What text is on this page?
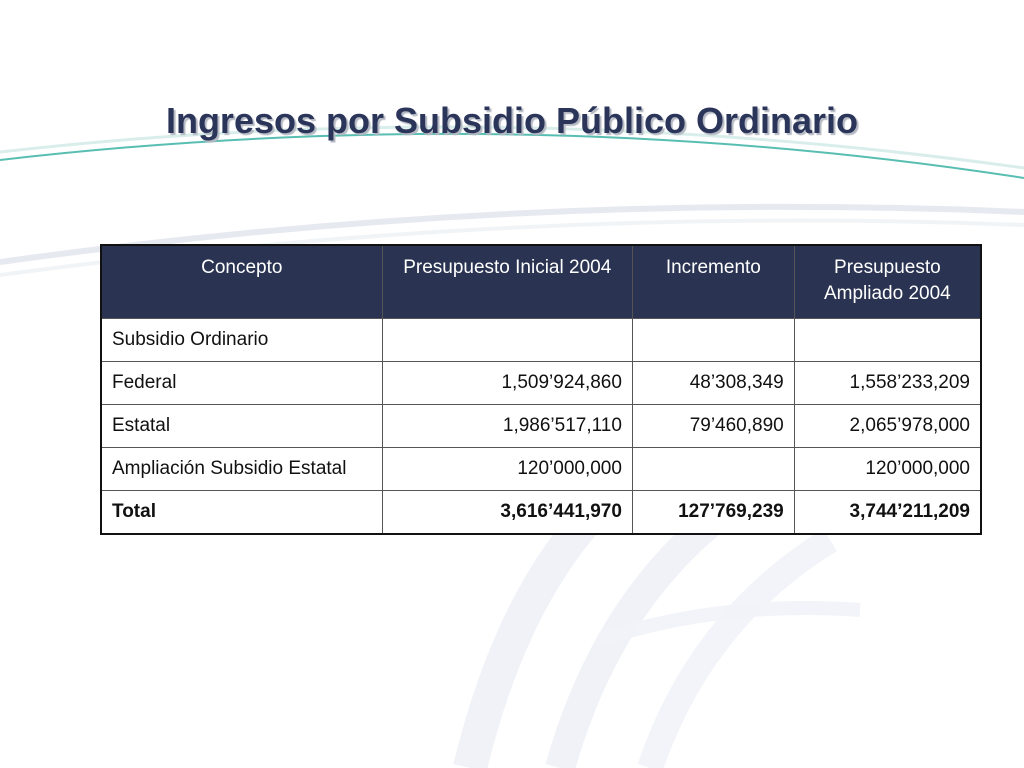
Ingresos por Subsidio Público Ordinario
Concepto	Presupuesto Inicial 2004	Incremento	Presupuesto Ampliado 2004
Subsidio Ordinario			
Federal	1,509’924,860	48’308,349	1,558’233,209
Estatal	1,986’517,110	79’460,890	2,065’978,000
Ampliación Subsidio Estatal	120’000,000		120’000,000
Total	3,616’441,970	127’769,239	3,744’211,209
